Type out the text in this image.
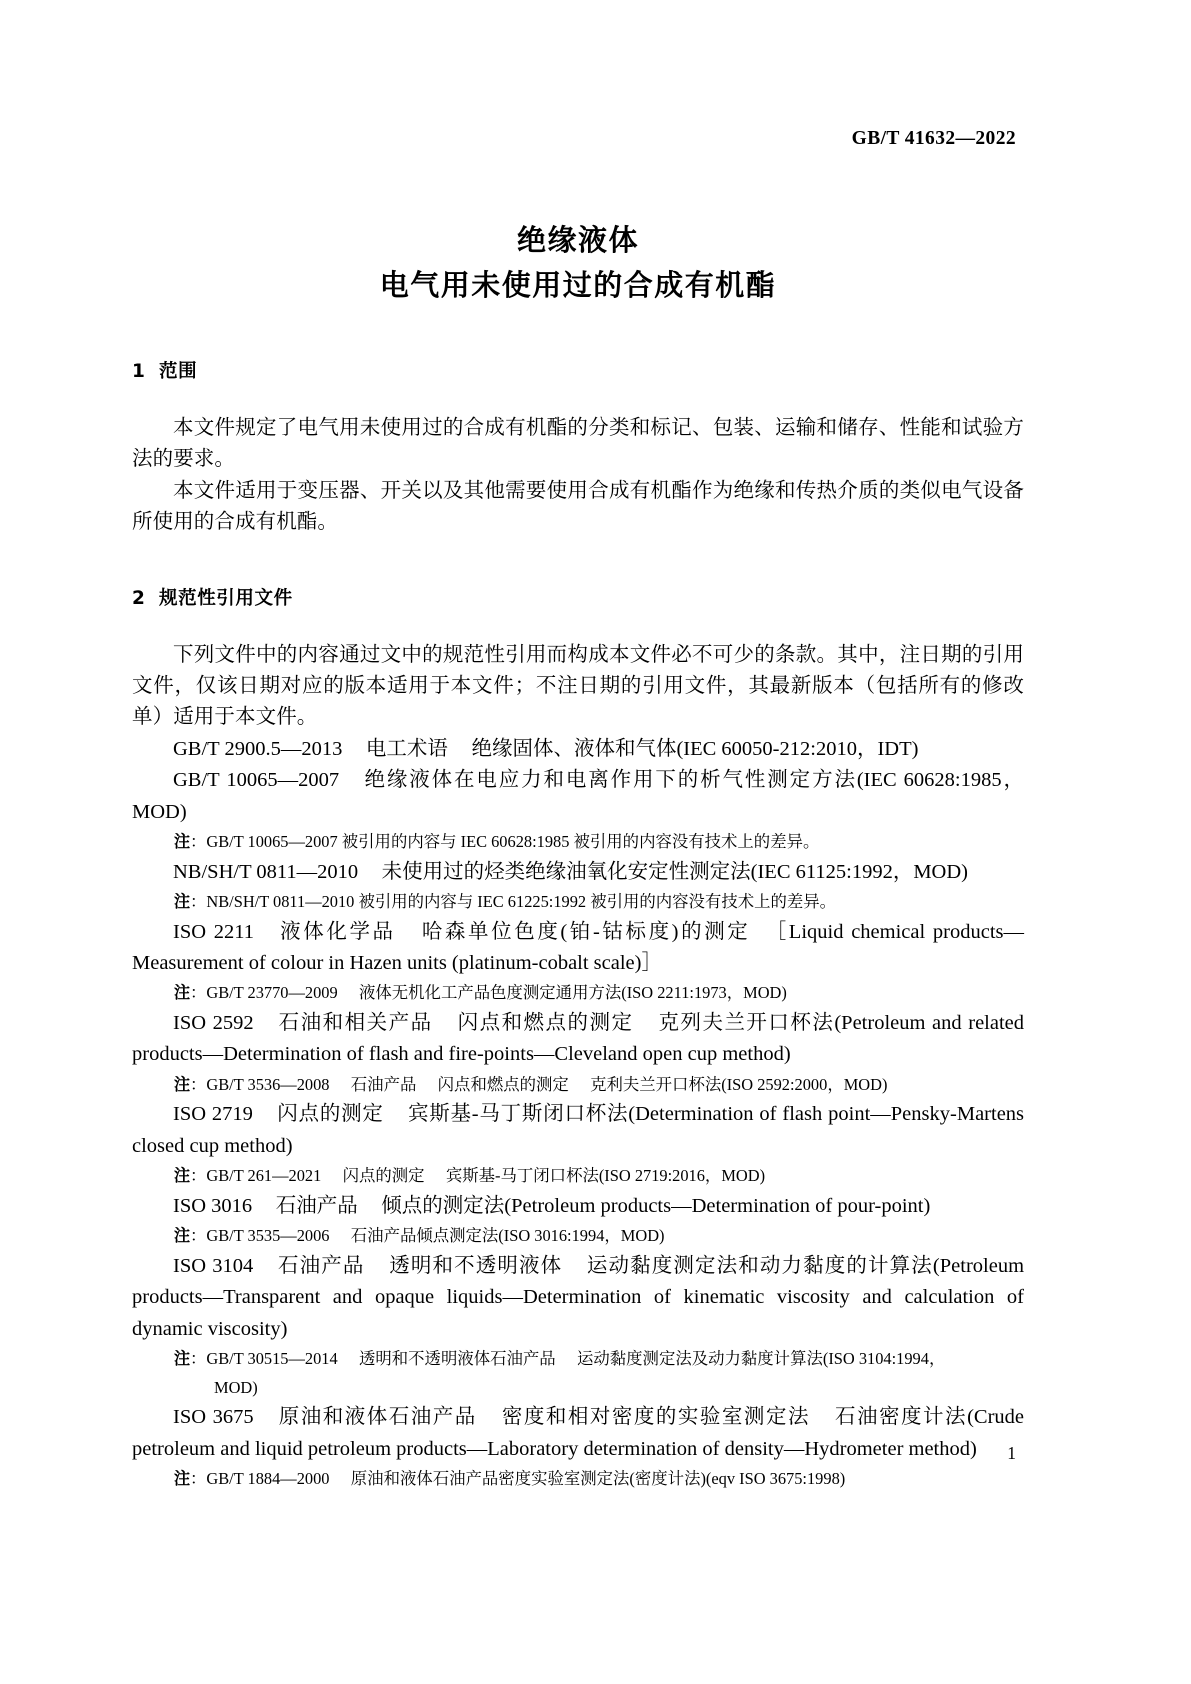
GB/T 41632—2022
绝缘液体
电气用未使用过的合成有机酯
1 范围

本文件规定了电气用未使用过的合成有机酯的分类和标记、包装、运输和储存、性能和试验方法的要求。

本文件适用于变压器、开关以及其他需要使用合成有机酯作为绝缘和传热介质的类似电气设备所使用的合成有机酯。

2 规范性引用文件

下列文件中的内容通过文中的规范性引用而构成本文件必不可少的条款。其中，注日期的引用文件，仅该日期对应的版本适用于本文件；不注日期的引用文件，其最新版本（包括所有的修改单）适用于本文件。

GB/T 2900.5—2013 电工术语 绝缘固体、液体和气体(IEC 60050-212:2010，IDT)

GB/T 10065—2007 绝缘液体在电应力和电离作用下的析气性测定方法(IEC 60628:1985，MOD)

注：GB/T 10065—2007 被引用的内容与 IEC 60628:1985 被引用的内容没有技术上的差异。

NB/SH/T 0811—2010 未使用过的烃类绝缘油氧化安定性测定法(IEC 61125:1992，MOD)

注：NB/SH/T 0811—2010 被引用的内容与 IEC 61225:1992 被引用的内容没有技术上的差异。

ISO 2211 液体化学品 哈森单位色度(铂-钴标度)的测定 ［Liquid chemical products—Measurement of colour in Hazen units (platinum-cobalt scale)］

注：GB/T 23770—2009 液体无机化工产品色度测定通用方法(ISO 2211:1973，MOD)

ISO 2592 石油和相关产品 闪点和燃点的测定 克列夫兰开口杯法(Petroleum and related products—Determination of flash and fire-points—Cleveland open cup method)

注：GB/T 3536—2008 石油产品 闪点和燃点的测定 克利夫兰开口杯法(ISO 2592:2000，MOD)

ISO 2719 闪点的测定 宾斯基-马丁斯闭口杯法(Determination of flash point—Pensky-Martens closed cup method)

注：GB/T 261—2021 闪点的测定 宾斯基-马丁闭口杯法(ISO 2719:2016，MOD)

ISO 3016 石油产品 倾点的测定法(Petroleum products—Determination of pour-point)

注：GB/T 3535—2006 石油产品倾点测定法(ISO 3016:1994，MOD)

ISO 3104 石油产品 透明和不透明液体 运动黏度测定法和动力黏度的计算法(Petroleum products—Transparent and opaque liquids—Determination of kinematic viscosity and calculation of dynamic viscosity)

注：GB/T 30515—2014 透明和不透明液体石油产品 运动黏度测定法及动力黏度计算法(ISO 3104:1994，

MOD)

ISO 3675 原油和液体石油产品 密度和相对密度的实验室测定法 石油密度计法(Crude petroleum and liquid petroleum products—Laboratory determination of density—Hydrometer method)

注：GB/T 1884—2000 原油和液体石油产品密度实验室测定法(密度计法)(eqv ISO 3675:1998)

1
